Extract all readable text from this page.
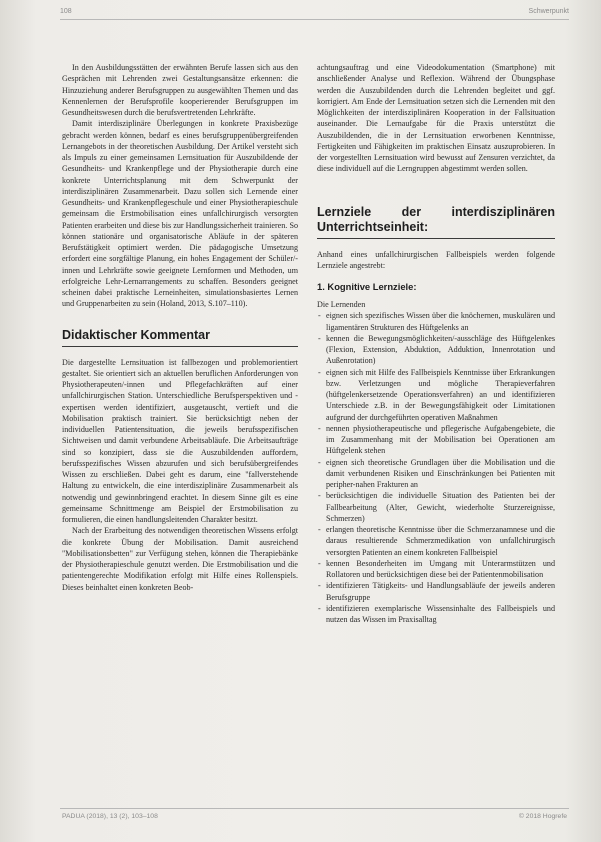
108	Schwerpunkt

In den Ausbildungsstätten der erwähnten Berufe lassen sich aus den Gesprächen mit Lehrenden zwei Gestaltungsansätze erkennen: die Hinzuziehung anderer Berufsgruppen zu ausgewählten Themen und das Kennenlernen der Berufsprofile kooperierender Berufsgruppen im Gesundheitswesen durch die berufsvertretenden Lehrkräfte.

Damit interdisziplinäre Überlegungen in konkrete Praxisbezüge gebracht werden können, bedarf es eines berufsgruppenübergreifenden Lernangebots in der theoretischen Ausbildung. Der Artikel versteht sich als Impuls zu einer gemeinsamen Lernsituation für Auszubildende der Gesundheits- und Krankenpflege und der Physiotherapie durch eine konkrete Unterrichtsplanung mit dem Schwerpunkt der interdisziplinären Zusammenarbeit. Dazu sollen sich Lernende einer Gesundheits- und Krankenpflegeschule und einer Physiotherapieschule gemeinsam die Erstmobilisation eines unfallchirurgisch versorgten Patienten erarbeiten und diese bis zur Handlungssicherheit trainieren. So können stationäre und organisatorische Abläufe in der späteren Berufstätigkeit optimiert werden. Die pädagogische Umsetzung erfordert eine sorgfältige Planung, ein hohes Engagement der Schüler/-innen und Lehrkräfte sowie geeignete Lernformen und Methoden, um erfolgreiche Lehr-Lernarrangements zu schaffen. Besonders geeignet scheinen dabei praktische Lerneinheiten, simulationsbasiertes Lernen und Gruppenarbeiten zu sein (Holand, 2013, S.107–110).

Didaktischer Kommentar

Die dargestellte Lernsituation ist fallbezogen und problemorientiert gestaltet. Sie orientiert sich an aktuellen beruflichen Anforderungen von Physiotherapeuten/-innen und Pflegefachkräften auf einer unfallchirurgischen Station. Unterschiedliche Berufsperspektiven und -expertisen werden identifiziert, ausgetauscht, vertieft und die Mobilisation praktisch trainiert. Sie berücksichtigt neben der individuellen Patientensituation, die jeweils berufsspezifischen Sichtweisen und damit verbundene Arbeitsabläufe. Die Arbeitsaufträge sind so konzipiert, dass sie die Auszubildenden auffordern, berufsspezifisches Wissen abzurufen und sich berufsübergreifendes Wissen zu erschließen. Dabei geht es darum, eine "fallverstehende Haltung zu entwickeln, die eine interdisziplinäre Zusammenarbeit als notwendig und gewinnbringend erachtet. In diesem Sinne gilt es eine gemeinsame Schnittmenge am Beispiel der Erstmobilisation zu formulieren, die einen handlungsleitenden Charakter besitzt.

Nach der Erarbeitung des notwendigen theoretischen Wissens erfolgt die konkrete Übung der Mobilisation. Damit ausreichend "Mobilisationsbetten" zur Verfügung stehen, können die Therapiebänke der Physiotherapieschule genutzt werden. Die Erstmobilisation und die patientengerechte Modifikation erfolgt mit Hilfe eines Rollenspiels. Dieses beinhaltet einen konkreten Beob-

achtungsauftrag und eine Videodokumentation (Smartphone) mit anschließender Analyse und Reflexion. Während der Übungsphase werden die Auszubildenden durch die Lehrenden begleitet und ggf. korrigiert. Am Ende der Lernsituation setzen sich die Lernenden mit den Möglichkeiten der interdisziplinären Kooperation in der Fallsituation auseinander. Die Lernaufgabe für die Praxis unterstützt die Auszubildenden, die in der Lernsituation erworbenen Kenntnisse, Fertigkeiten und Fähigkeiten im praktischen Einsatz auszuprobieren. In der vorgestellten Lernsituation wird bewusst auf Zensuren verzichtet, da diese individuell auf die Lerngruppen abgestimmt werden sollen.

Lernziele der interdisziplinären Unterrichtseinheit:

Anhand eines unfallchirurgischen Fallbeispiels werden folgende Lernziele angestrebt:

1. Kognitive Lernziele:

Die Lernenden

- eignen sich spezifisches Wissen über die knöchernen, muskulären und ligamentären Strukturen des Hüftgelenks an
- kennen die Bewegungsmöglichkeiten/-ausschläge des Hüftgelenkes (Flexion, Extension, Abduktion, Adduktion, Innenrotation und Außenrotation)
- eignen sich mit Hilfe des Fallbeispiels Kenntnisse über Erkrankungen bzw. Verletzungen und mögliche Therapieverfahren (hüftgelenkersetzende Operationsverfahren) an und identifizieren Unterschiede z.B. in der Bewegungsfähigkeit oder Limitationen aufgrund der durchgeführten operativen Maßnahmen
- nennen physiotherapeutische und pflegerische Aufgabengebiete, die im Zusammenhang mit der Mobilisation bei Operationen am Hüftgelenk stehen
- eignen sich theoretische Grundlagen über die Mobilisation und die damit verbundenen Risiken und Einschränkungen bei Patienten mit peripher-nahen Frakturen an
- berücksichtigen die individuelle Situation des Patienten bei der Fallbearbeitung (Alter, Gewicht, wiederholte Sturzereignisse, Schmerzen)
- erlangen theoretische Kenntnisse über die Schmerzanamnese und die daraus resultierende Schmerzmedikation von unfallchirurgisch versorgten Patienten an einem konkreten Fallbeispiel
- kennen Besonderheiten im Umgang mit Unterarmstützen und Rollatoren und berücksichtigen diese bei der Patientenmobilisation
- identifizieren Tätigkeits- und Handlungsabläufe der jeweils anderen Berufsgruppe
- identifizieren exemplarische Wissensinhalte des Fallbeispiels und nutzen das Wissen im Praxisalltag
PADUA (2018), 13 (2), 103–108	© 2018 Hogrefe
